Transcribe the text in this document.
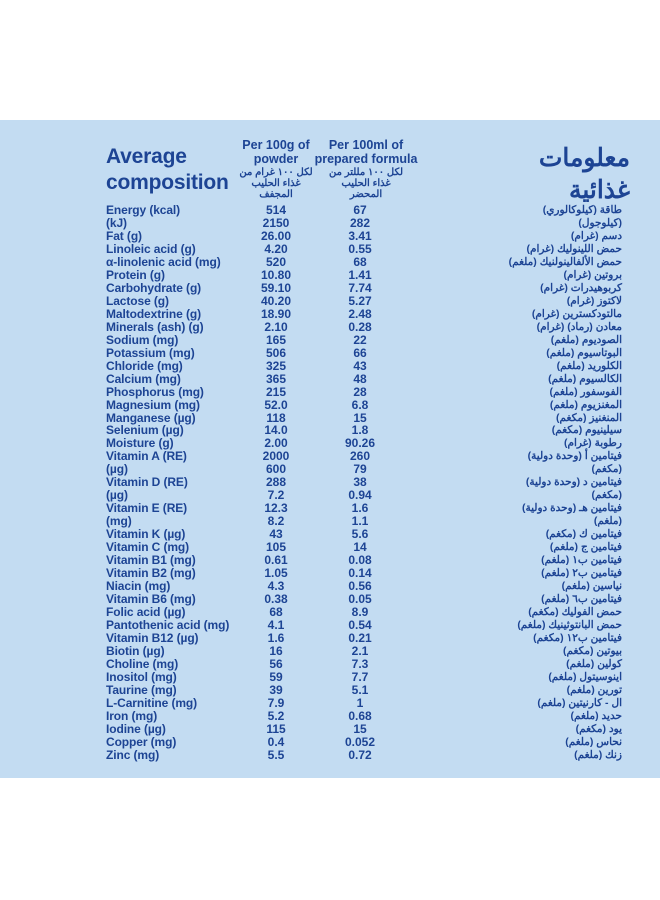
Average composition
معلومات غذائية
Per 100g of powder
لكل ١٠٠ غرام من غذاء الحليب المجفف
Per 100ml of prepared formula
لكل ١٠٠ مللتر من غذاء الحليب المحضر
Energy (kcal)	514	67	طاقة (كيلوكالوري)
(kJ)	2150	282	(كيلوجول)
Fat (g)	26.00	3.41	دسم (غرام)
Linoleic acid (g)	4.20	0.55	حمض اللينوليك (غرام)
α-linolenic acid (mg)	520	68	حمض الألفالينولنيك (ملغم)
Protein (g)	10.80	1.41	بروتين (غرام)
Carbohydrate (g)	59.10	7.74	كربوهيدرات (غرام)
Lactose (g)	40.20	5.27	لاكتوز (غرام)
Maltodextrine (g)	18.90	2.48	مالتودكسترين (غرام)
Minerals (ash) (g)	2.10	0.28	معادن (رماد) (غرام)
Sodium (mg)	165	22	الصوديوم (ملغم)
Potassium (mg)	506	66	البوتاسيوم (ملغم)
Chloride (mg)	325	43	الكلوريد (ملغم)
Calcium (mg)	365	48	الكالسيوم (ملغم)
Phosphorus (mg)	215	28	الفوسفور (ملغم)
Magnesium (mg)	52.0	6.8	المغنزيوم (ملغم)
Manganese (µg)	118	15	المنغنيز (مكغم)
Selenium (µg)	14.0	1.8	سيلينيوم (مكغم)
Moisture (g)	2.00	90.26	رطوبة (غرام)
Vitamin A (RE)	2000	260	فيتامين أ (وحدة دولية)
(µg)	600	79	(مكغم)
Vitamin D (RE)	288	38	فيتامين د (وحدة دولية)
(µg)	7.2	0.94	(مكغم)
Vitamin E (RE)	12.3	1.6	فيتامين هـ (وحدة دولية)
(mg)	8.2	1.1	(ملغم)
Vitamin K (µg)	43	5.6	فيتامين ك (مكغم)
Vitamin C (mg)	105	14	فيتامين ج (ملغم)
Vitamin B1 (mg)	0.61	0.08	فيتامين ب١ (ملغم)
Vitamin B2 (mg)	1.05	0.14	فيتامين ب٢ (ملغم)
Niacin (mg)	4.3	0.56	نياسين (ملغم)
Vitamin B6 (mg)	0.38	0.05	فيتامين ب٦ (ملغم)
Folic acid (µg)	68	8.9	حمض الفوليك (مكغم)
Pantothenic acid (mg)	4.1	0.54	حمض البانتوثينيك (ملغم)
Vitamin B12 (µg)	1.6	0.21	فيتامين ب١٢ (مكغم)
Biotin (µg)	16	2.1	بيوتين (مكغم)
Choline (mg)	56	7.3	كولين (ملغم)
Inositol (mg)	59	7.7	اينوسيتول (ملغم)
Taurine (mg)	39	5.1	تورين (ملغم)
L-Carnitine (mg)	7.9	1	ال - كارنيتين (ملغم)
Iron (mg)	5.2	0.68	حديد (ملغم)
Iodine (µg)	115	15	يود (مكغم)
Copper (mg)	0.4	0.052	نحاس (ملغم)
Zinc (mg)	5.5	0.72	زنك (ملغم)
